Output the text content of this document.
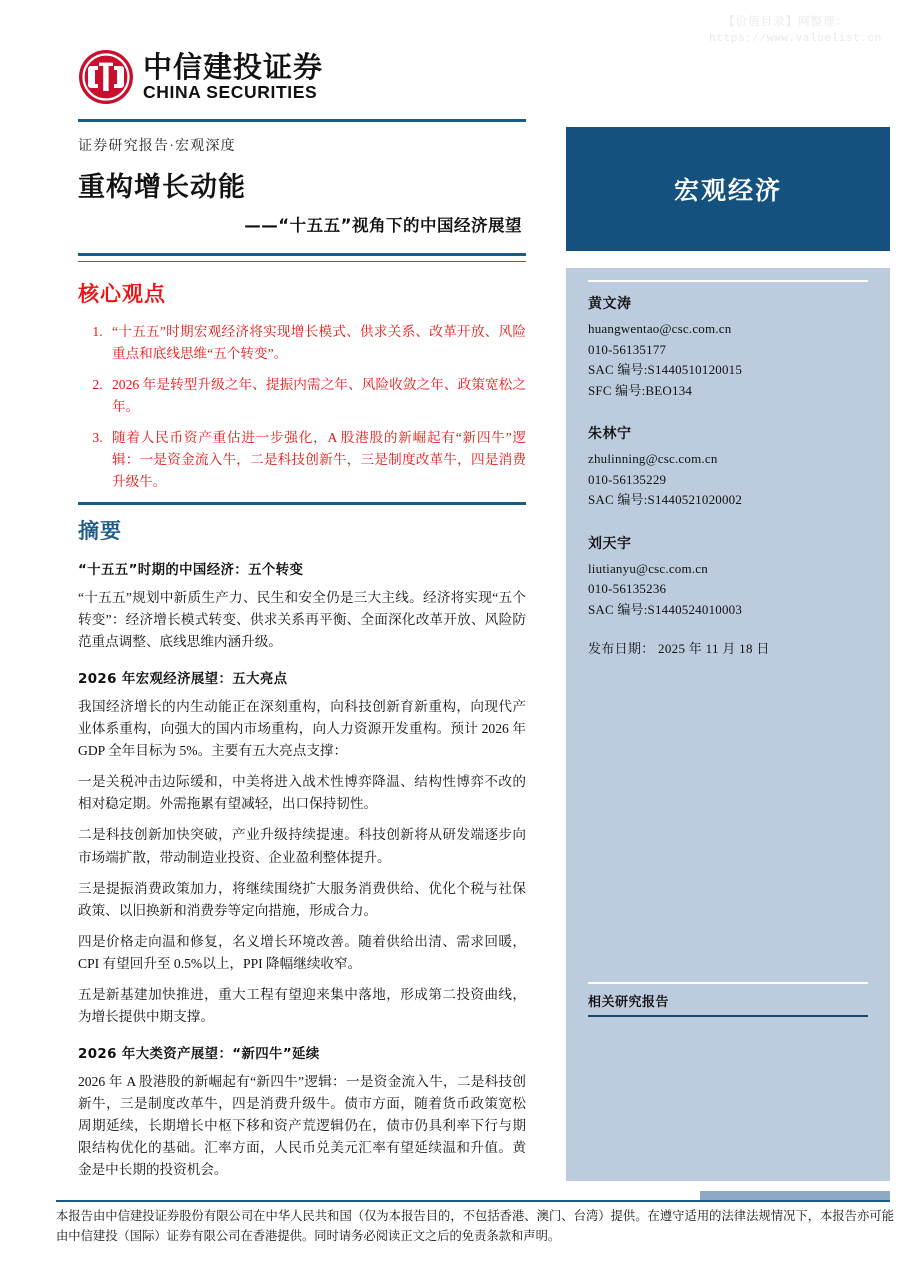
【价值目录】网整理：
https://www.valuelist.cn
中信建投证券
CHINA SECURITIES
证券研究报告·宏观深度
重构增长动能
——“十五五”视角下的中国经济展望
核心观点
1. “十五五”时期宏观经济将实现增长模式、供求关系、改革开放、风险重点和底线思维“五个转变”。
2. 2026 年是转型升级之年、提振内需之年、风险收敛之年、政策宽松之年。
3. 随着人民币资产重估进一步强化，A 股港股的新崛起有“新四牛”逻辑：一是资金流入牛，二是科技创新牛，三是制度改革牛，四是消费升级牛。
摘要
“十五五”时期的中国经济：五个转变

“十五五”规划中新质生产力、民生和安全仍是三大主线。经济将实现“五个转变”：经济增长模式转变、供求关系再平衡、全面深化改革开放、风险防范重点调整、底线思维内涵升级。

2026 年宏观经济展望：五大亮点

我国经济增长的内生动能正在深刻重构，向科技创新育新重构，向现代产业体系重构，向强大的国内市场重构，向人力资源开发重构。预计 2026 年 GDP 全年目标为 5%。主要有五大亮点支撑：

一是关税冲击边际缓和，中美将进入战术性博弈降温、结构性博弈不改的相对稳定期。外需拖累有望减轻，出口保持韧性。

二是科技创新加快突破，产业升级持续提速。科技创新将从研发端逐步向市场端扩散，带动制造业投资、企业盈利整体提升。

三是提振消费政策加力，将继续围绕扩大服务消费供给、优化个税与社保政策、以旧换新和消费券等定向措施，形成合力。

四是价格走向温和修复，名义增长环境改善。随着供给出清、需求回暖，CPI 有望回升至 0.5%以上，PPI 降幅继续收窄。

五是新基建加快推进，重大工程有望迎来集中落地，形成第二投资曲线，为增长提供中期支撑。

2026 年大类资产展望：“新四牛”延续

2026 年 A 股港股的新崛起有“新四牛”逻辑：一是资金流入牛，二是科技创新牛，三是制度改革牛，四是消费升级牛。债市方面，随着货币政策宽松周期延续，长期增长中枢下移和资产荒逻辑仍在，债市仍具利率下行与期限结构优化的基础。汇率方面，人民币兑美元汇率有望延续温和升值。黄金是中长期的投资机会。

宏观经济
黄文涛
huangwentao@csc.com.cn
010-56135177
SAC 编号:S1440510120015
SFC 编号:BEO134
朱林宁
zhulinning@csc.com.cn
010-56135229
SAC 编号:S1440521020002
刘天宇
liutianyu@csc.com.cn
010-56135236
SAC 编号:S1440524010003
发布日期： 2025 年 11 月 18 日
相关研究报告
本报告由中信建投证券股份有限公司在中华人民共和国（仅为本报告目的，不包括香港、澳门、台湾）提供。在遵守适用的法律法规情况下，本报告亦可能由中信建投（国际）证券有限公司在香港提供。同时请务必阅读正文之后的免责条款和声明。
